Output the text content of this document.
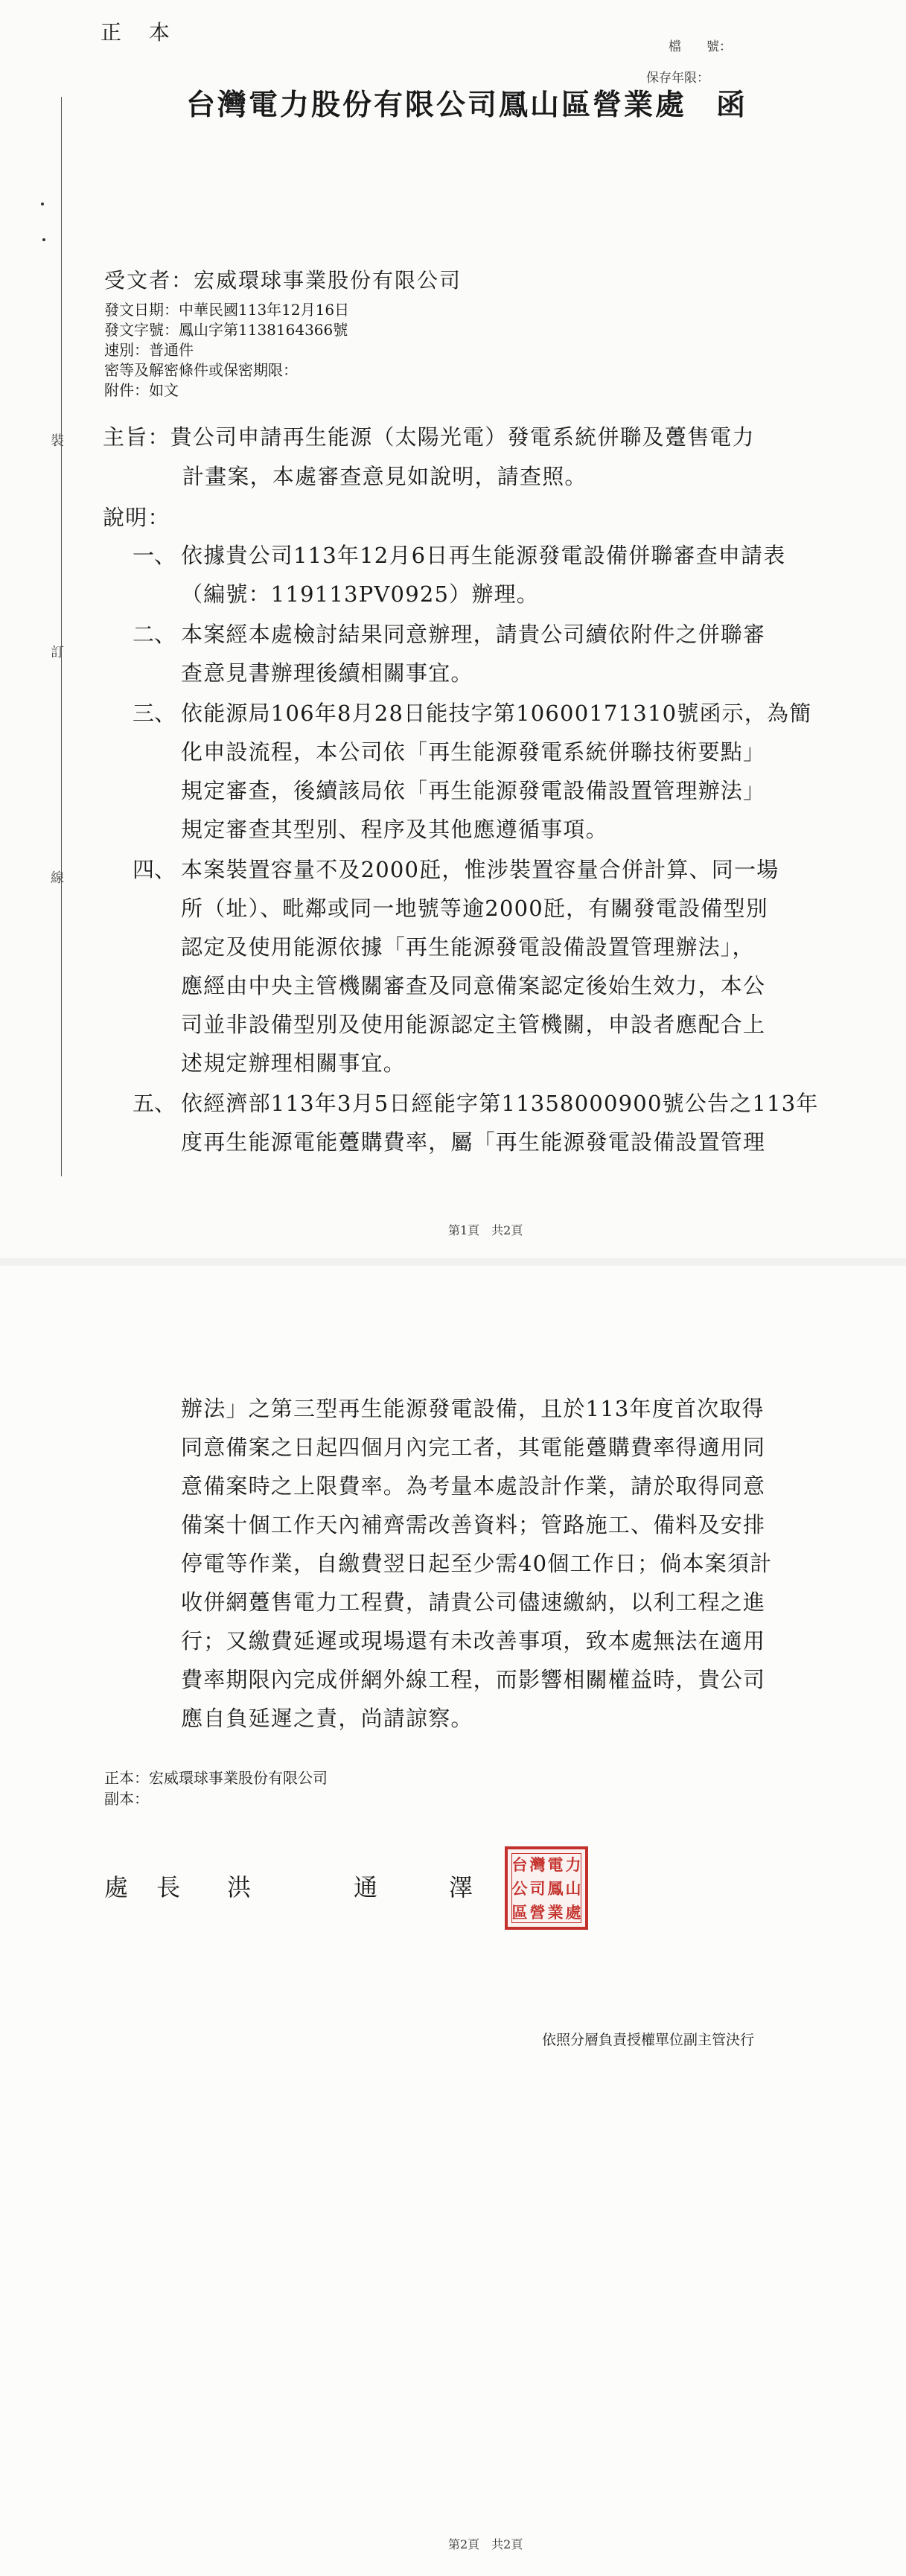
正 本
檔　　號：
保存年限：
台灣電力股份有限公司鳳山區營業處 函
裝
訂
線
受文者：宏威環球事業股份有限公司
發文日期：中華民國113年12月16日
發文字號：鳳山字第1138164366號
速別：普通件
密等及解密條件或保密期限：
附件：如文
主旨：貴公司申請再生能源（太陽光電）發電系統併聯及躉售電力
計畫案，本處審查意見如說明，請查照。
說明：
一、 依據貴公司113年12月6日再生能源發電設備併聯審查申請表
（編號：119113PV0925）辦理。
二、 本案經本處檢討結果同意辦理，請貴公司續依附件之併聯審
查意見書辦理後續相關事宜。
三、 依能源局106年8月28日能技字第10600171310號函示，為簡
化申設流程，本公司依「再生能源發電系統併聯技術要點」
規定審查，後續該局依「再生能源發電設備設置管理辦法」
規定審查其型別、程序及其他應遵循事項。
四、 本案裝置容量不及2000瓩，惟涉裝置容量合併計算、同一場
所（址）、毗鄰或同一地號等逾2000瓩，有關發電設備型別
認定及使用能源依據「再生能源發電設備設置管理辦法」，
應經由中央主管機關審查及同意備案認定後始生效力，本公
司並非設備型別及使用能源認定主管機關，申設者應配合上
述規定辦理相關事宜。
五、 依經濟部113年3月5日經能字第11358000900號公告之113年
度再生能源電能躉購費率，屬「再生能源發電設備設置管理
第1頁　共2頁
辦法」之第三型再生能源發電設備，且於113年度首次取得
同意備案之日起四個月內完工者，其電能躉購費率得適用同
意備案時之上限費率。為考量本處設計作業，請於取得同意
備案十個工作天內補齊需改善資料；管路施工、備料及安排
停電等作業，自繳費翌日起至少需40個工作日；倘本案須計
收併網躉售電力工程費，請貴公司儘速繳納，以利工程之進
行；又繳費延遲或現場還有未改善事項，致本處無法在適用
費率期限內完成併網外線工程，而影響相關權益時，貴公司
應自負延遲之責，尚請諒察。
正本：宏威環球事業股份有限公司
副本：
處 長 洪	通	澤
台 灣 電 力
公 司 鳳 山
區 營 業 處
依照分層負責授權單位副主管決行
第2頁　共2頁
